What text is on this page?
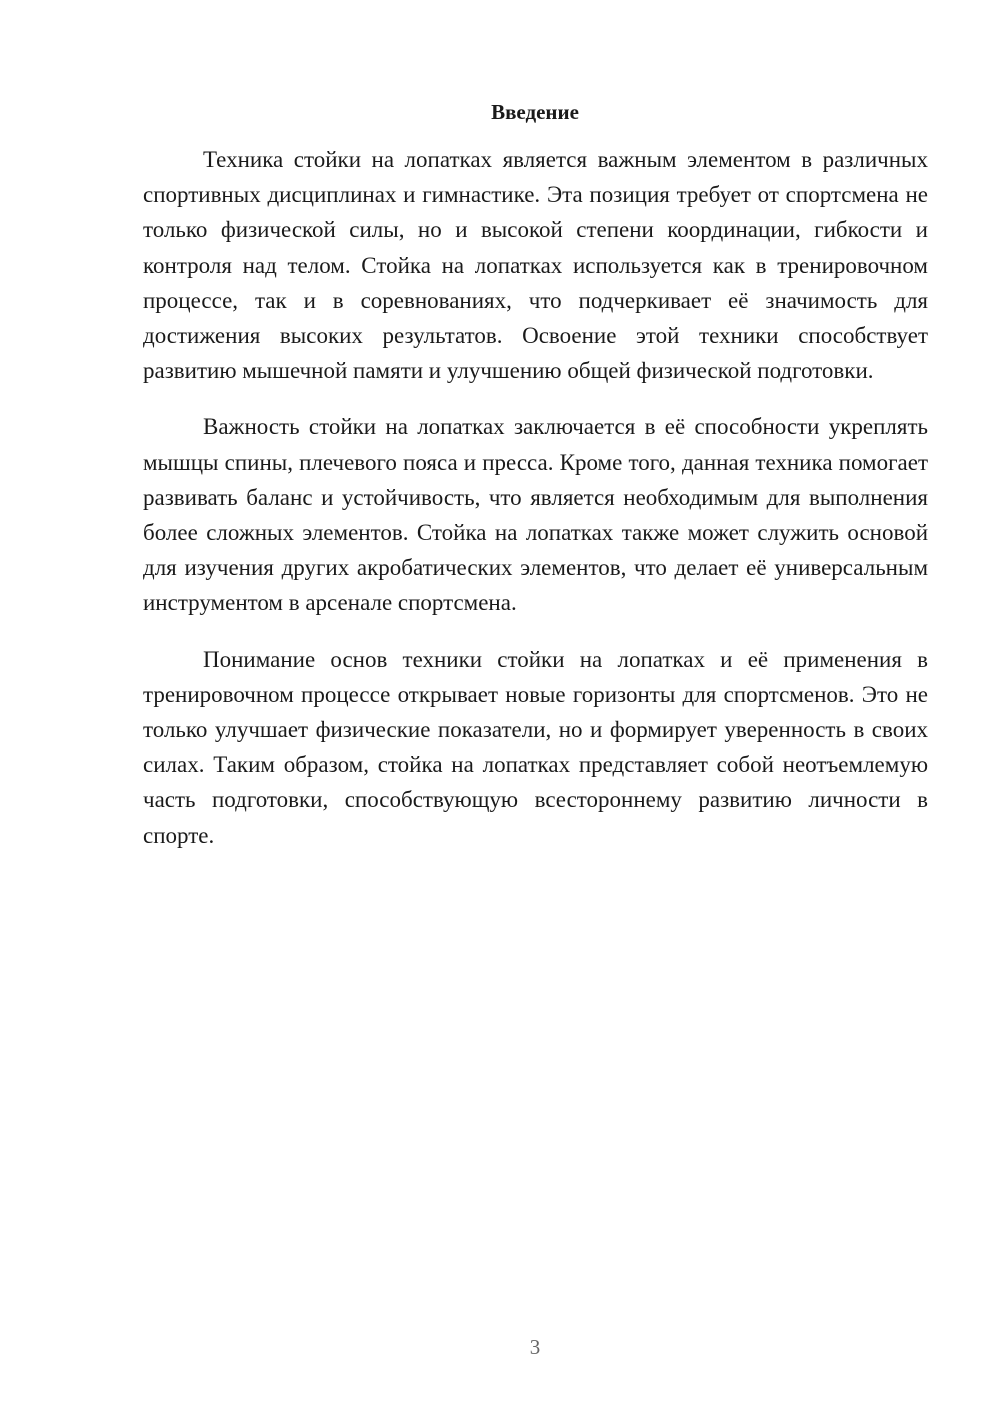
Введение

Техника стойки на лопатках является важным элементом в различных спортивных дисциплинах и гимнастике. Эта позиция требует от спортсмена не только физической силы, но и высокой степени координации, гибкости и контроля над телом. Стойка на лопатках используется как в тренировочном процессе, так и в соревнованиях, что подчеркивает её значимость для достижения высоких результатов. Освоение этой техники способствует развитию мышечной памяти и улучшению общей физической подготовки.

Важность стойки на лопатках заключается в её способности укреплять мышцы спины, плечевого пояса и пресса. Кроме того, данная техника помогает развивать баланс и устойчивость, что является необходимым для выполнения более сложных элементов. Стойка на лопатках также может служить основой для изучения других акробатических элементов, что делает её универсальным инструментом в арсенале спортсмена.

Понимание основ техники стойки на лопатках и её применения в тренировочном процессе открывает новые горизонты для спортсменов. Это не только улучшает физические показатели, но и формирует уверенность в своих силах. Таким образом, стойка на лопатках представляет собой неотъемлемую часть подготовки, способствующую всестороннему развитию личности в спорте.

3
